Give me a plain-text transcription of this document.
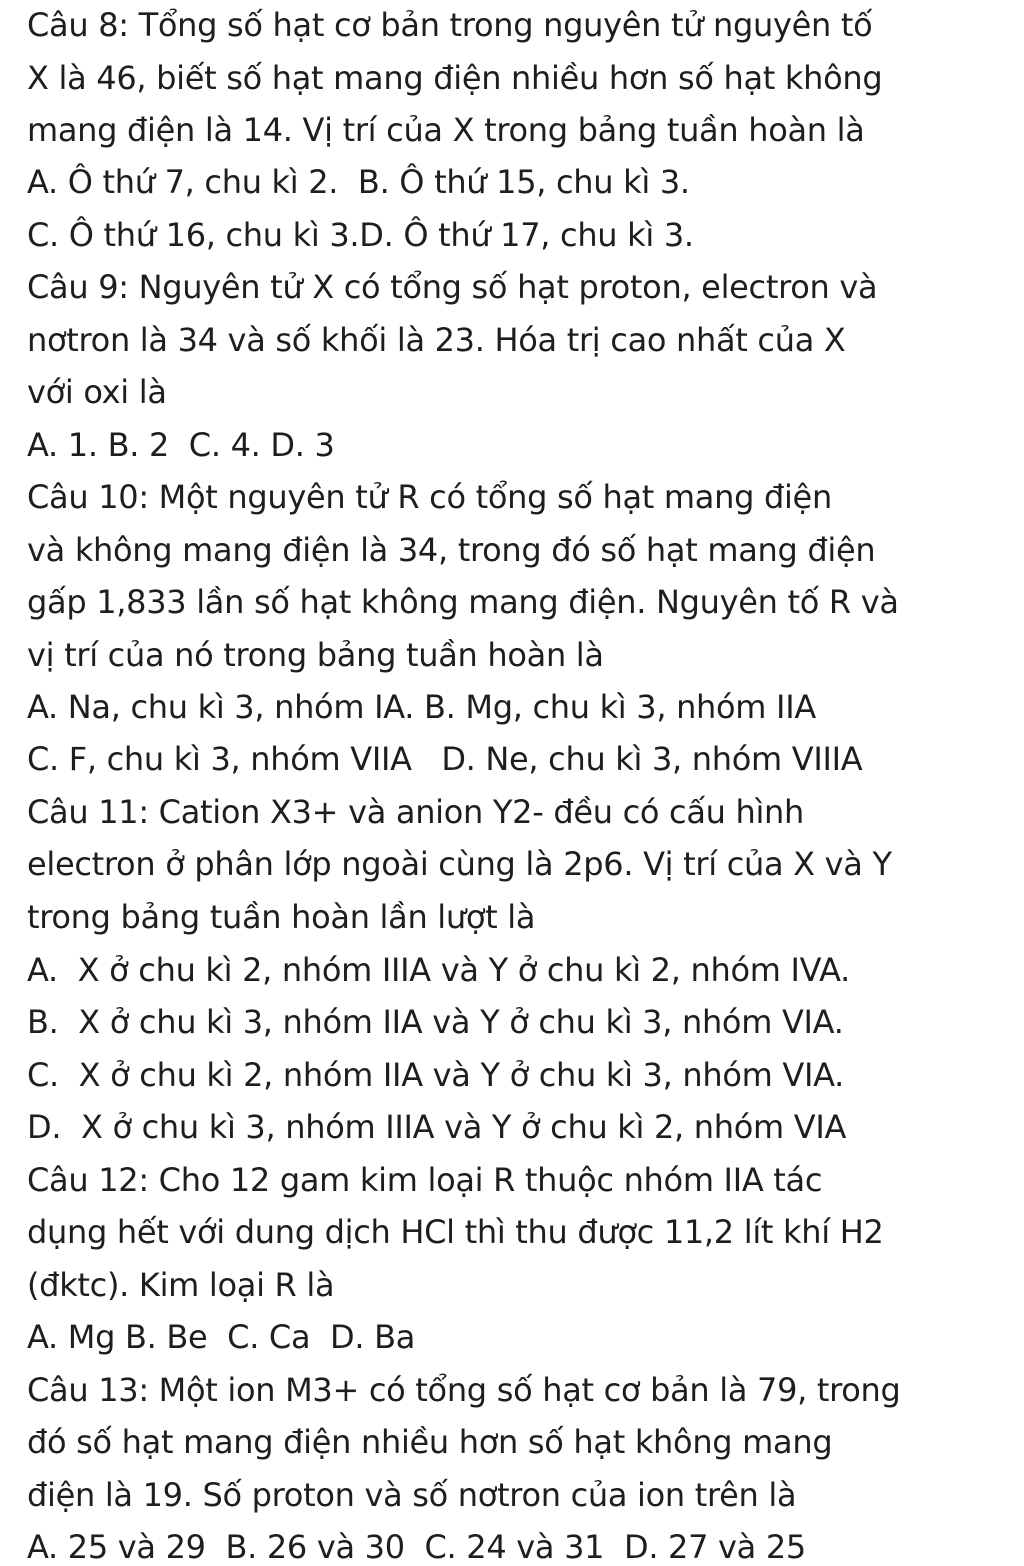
Câu 8: Tổng số hạt cơ bản trong nguyên tử nguyên tố

X là 46, biết số hạt mang điện nhiều hơn số hạt không

mang điện là 14. Vị trí của X trong bảng tuần hoàn là

A. Ô thứ 7, chu kì 2.  B. Ô thứ 15, chu kì 3.

C. Ô thứ 16, chu kì 3.D. Ô thứ 17, chu kì 3.

Câu 9: Nguyên tử X có tổng số hạt proton, electron và

nơtron là 34 và số khối là 23. Hóa trị cao nhất của X

với oxi là

A. 1. B. 2  C. 4. D. 3

Câu 10: Một nguyên tử R có tổng số hạt mang điện

và không mang điện là 34, trong đó số hạt mang điện

gấp 1,833 lần số hạt không mang điện. Nguyên tố R và

vị trí của nó trong bảng tuần hoàn là

A. Na, chu kì 3, nhóm IA. B. Mg, chu kì 3, nhóm IIA

C. F, chu kì 3, nhóm VIIA   D. Ne, chu kì 3, nhóm VIIIA

Câu 11: Cation X3+ và anion Y2- đều có cấu hình

electron ở phân lớp ngoài cùng là 2p6. Vị trí của X và Y

trong bảng tuần hoàn lần lượt là

A.  X ở chu kì 2, nhóm IIIA và Y ở chu kì 2, nhóm IVA.

B.  X ở chu kì 3, nhóm IIA và Y ở chu kì 3, nhóm VIA.

C.  X ở chu kì 2, nhóm IIA và Y ở chu kì 3, nhóm VIA.

D.  X ở chu kì 3, nhóm IIIA và Y ở chu kì 2, nhóm VIA

Câu 12: Cho 12 gam kim loại R thuộc nhóm IIA tác

dụng hết với dung dịch HCl thì thu được 11,2 lít khí H2

(đktc). Kim loại R là

A. Mg B. Be  C. Ca  D. Ba

Câu 13: Một ion M3+ có tổng số hạt cơ bản là 79, trong

đó số hạt mang điện nhiều hơn số hạt không mang

điện là 19. Số proton và số nơtron của ion trên là

A. 25 và 29  B. 26 và 30  C. 24 và 31  D. 27 và 25
